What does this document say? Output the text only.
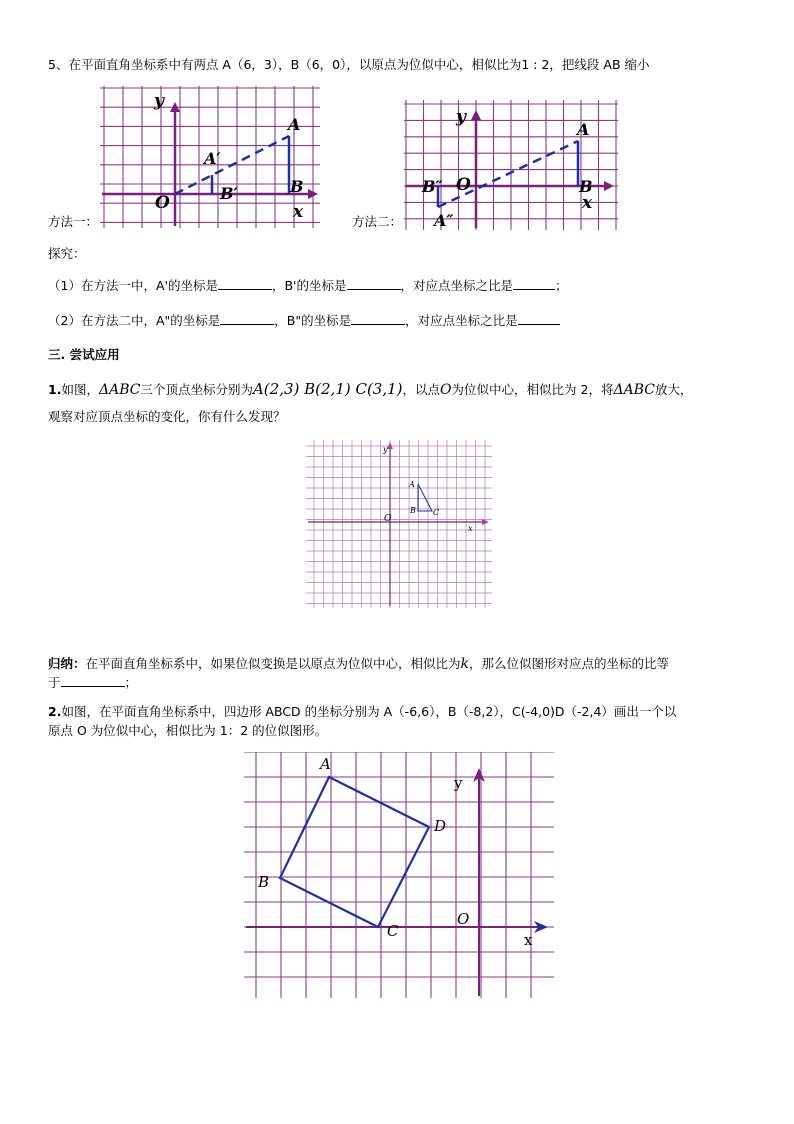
5、在平面直角坐标系中有两点 A（6，3），B（6，0），以原点为位似中心，相似比为1 : 2，把线段 AB 缩小
y
x
O
A
B
A′
B′
方法一：
y
x
O
A
B
A″
B″
方法二：
探究：
（1）在方法一中，A'的坐标是	，B'的坐标是	，对应点坐标之比是	；
（2）在方法二中，A"的坐标是	，B"的坐标是	，对应点坐标之比是
三. 尝试应用
1.如图，ΔABC三个顶点坐标分别为A(2,3) B(2,1) C(3,1)，以点O为位似中心，相似比为 2，将ΔABC放大，
观察对应顶点坐标的变化，你有什么发现？
y
x
O
A
B C
归纳：在平面直角坐标系中，如果位似变换是以原点为位似中心，相似比为k，那么位似图形对应点的坐标的比等
于	；
2.如图，在平面直角坐标系中，四边形 ABCD 的坐标分别为 A（-6,6），B（-8,2），C(-4,0)D（-2,4）画出一个以
原点 O 为位似中心，相似比为 1：2 的位似图形。
A
B
C
D
O
y
x
